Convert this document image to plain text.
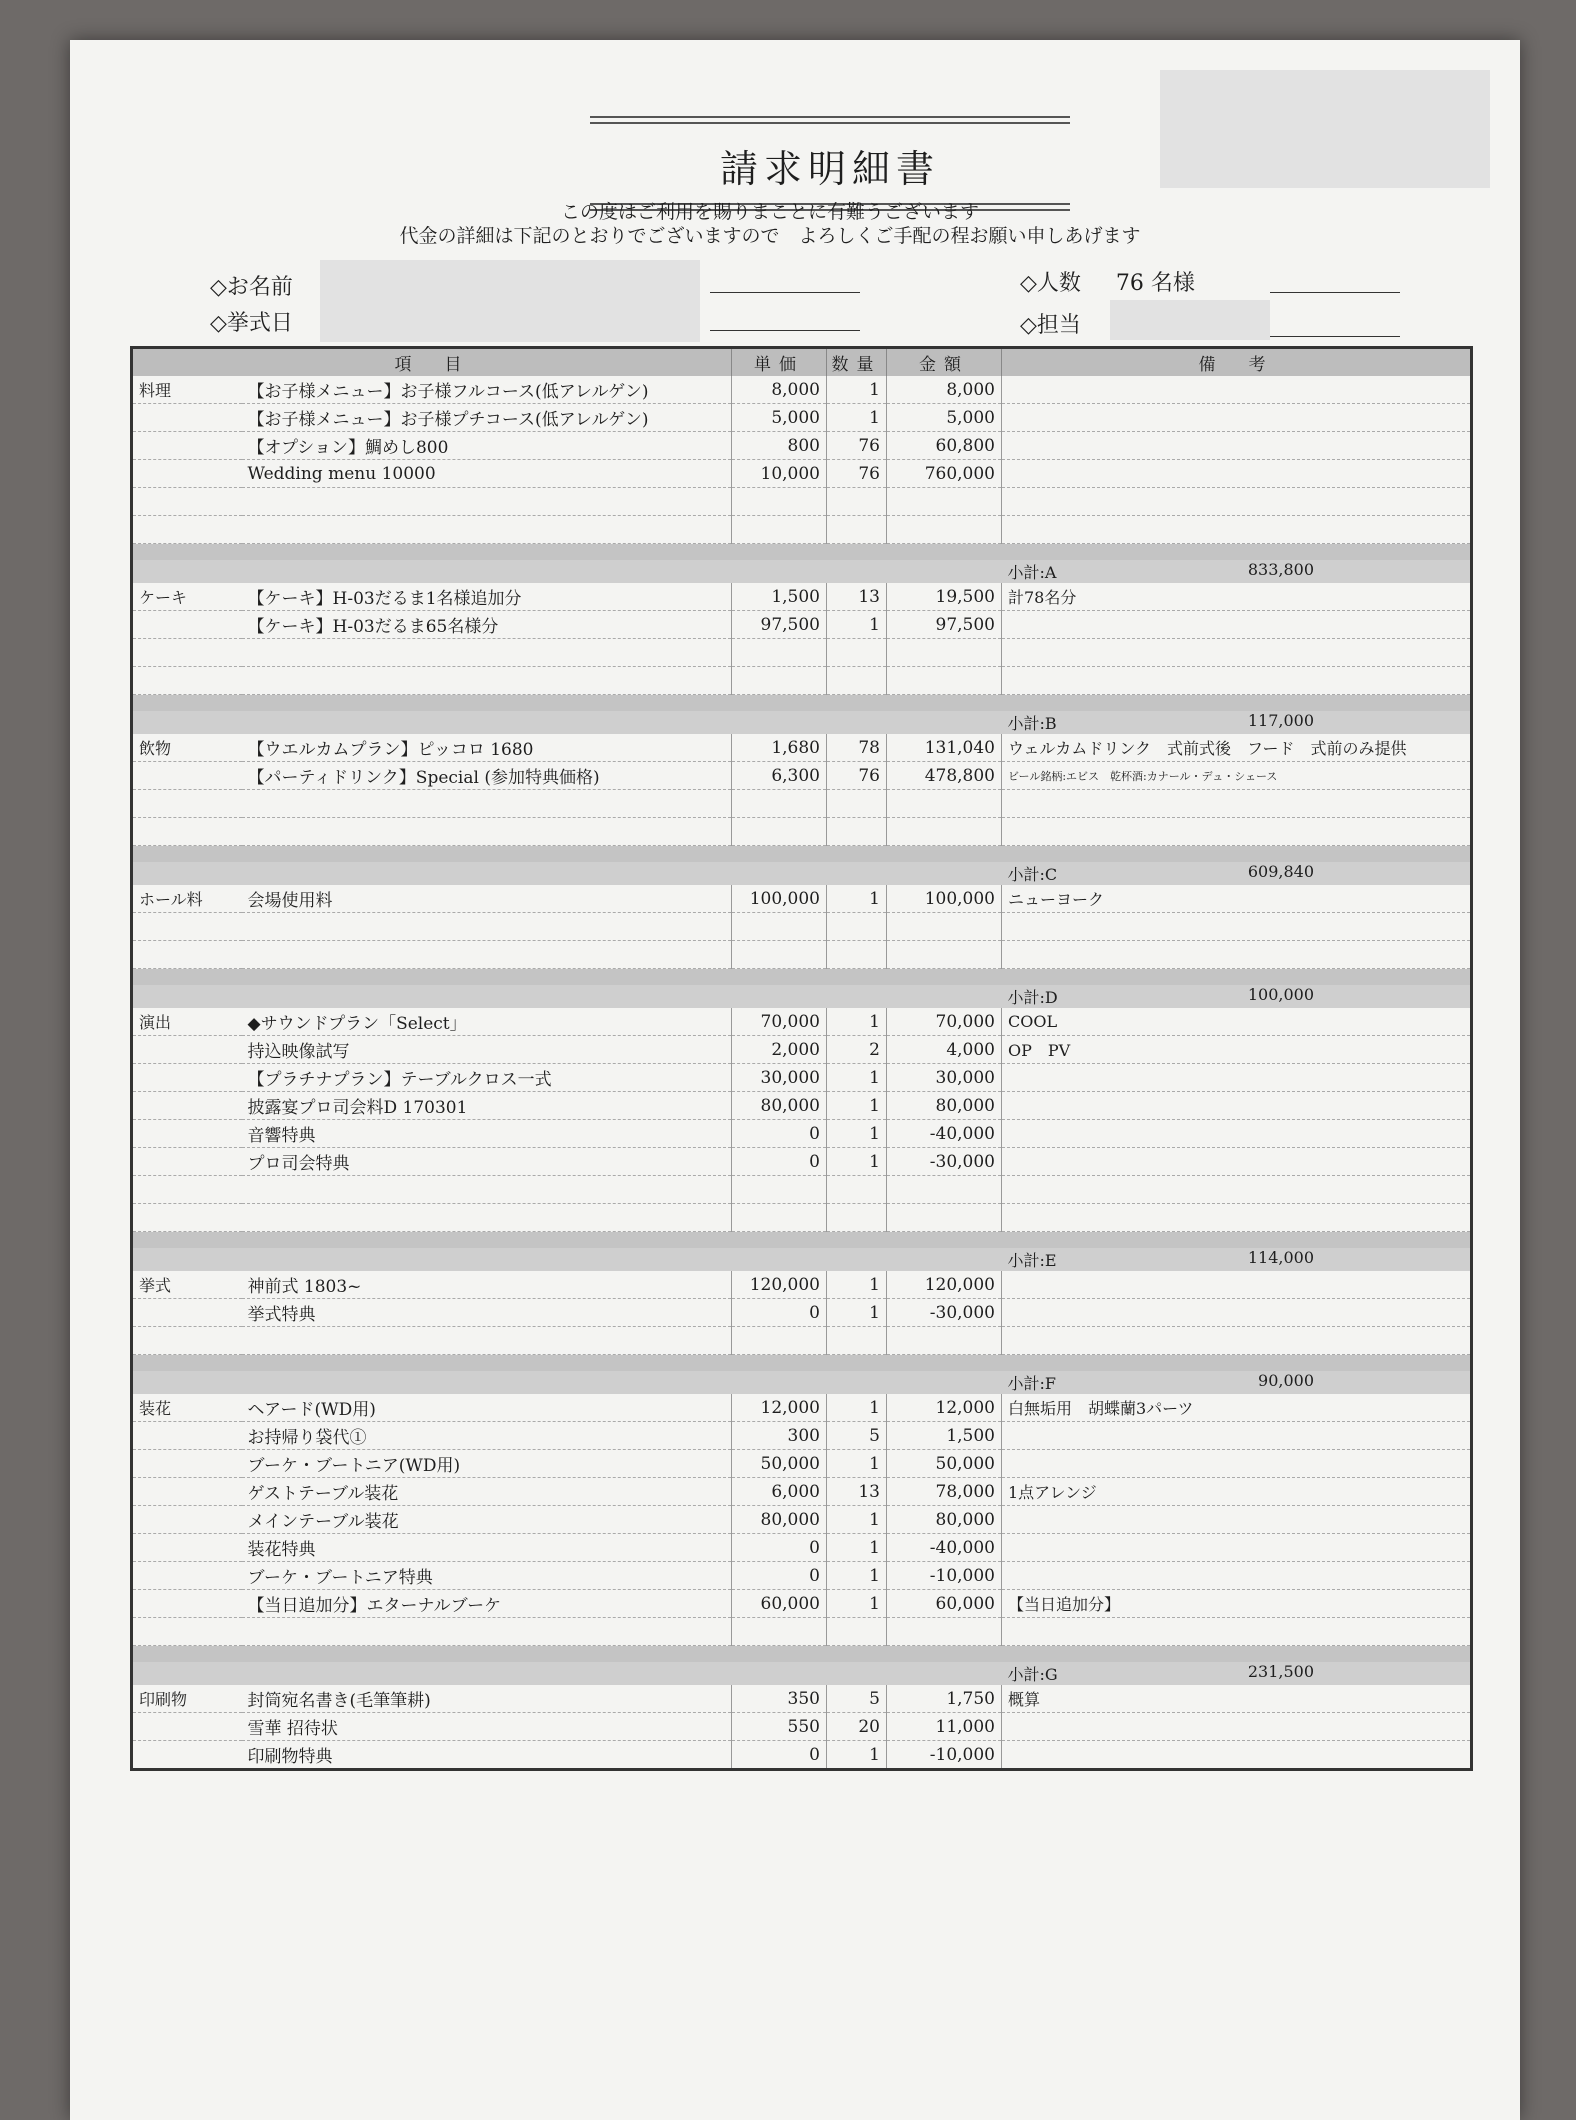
請求明細書
この度はご利用を賜りまことに有難うございます
代金の詳細は下記のとおりでございますので　よろしくご手配の程お願い申しあげます
◇お名前
◇挙式日
◇人数 76 名様
◇担当
項　目		単価	数量	金額	備　考
料理	【お子様メニュー】お子様フルコース(低アレルゲン)	8,000	1	8,000	
	【お子様メニュー】お子様プチコース(低アレルゲン)	5,000	1	5,000	
	【オプション】鯛めし800	800	76	60,800	
	Wedding menu 10000	10,000	76	760,000	

					小計:A 833,800

ケーキ	【ケーキ】H-03だるま1名様追加分	1,500	13	19,500	計78名分
	【ケーキ】H-03だるま65名様分	97,500	1	97,500	

					小計:B 117,000

飲物	【ウエルカムプラン】ピッコロ 1680	1,680	78	131,040	ウェルカムドリンク　式前式後　フード　式前のみ提供
	【パーティドリンク】Special (参加特典価格)	6,300	76	478,800	ビール銘柄:エビス　乾杯酒:カナール・デュ・シェース

					小計:C 609,840

ホール料	会場使用料	100,000	1	100,000	ニューヨーク

					小計:D 100,000

演出	◆サウンドプラン「Select」	70,000	1	70,000	COOL
	持込映像試写	2,000	2	4,000	OP　PV
	【プラチナプラン】テーブルクロス一式	30,000	1	30,000	
	披露宴プロ司会料D 170301	80,000	1	80,000	
	音響特典	0	1	-40,000	
	プロ司会特典	0	1	-30,000	

					小計:E 114,000

挙式	神前式 1803~	120,000	1	120,000	
	挙式特典	0	1	-30,000	

					小計:F 90,000

装花	ヘアード(WD用)	12,000	1	12,000	白無垢用　胡蝶蘭3パーツ
	お持帰り袋代①	300	5	1,500	
	ブーケ・ブートニア(WD用)	50,000	1	50,000	
	ゲストテーブル装花	6,000	13	78,000	1点アレンジ
	メインテーブル装花	80,000	1	80,000	
	装花特典	0	1	-40,000	
	ブーケ・ブートニア特典	0	1	-10,000	
	【当日追加分】エターナルブーケ	60,000	1	60,000	【当日追加分】

					小計:G 231,500

印刷物	封筒宛名書き(毛筆筆耕)	350	5	1,750	概算
	雪華 招待状	550	20	11,000	
	印刷物特典	0	1	-10,000	
